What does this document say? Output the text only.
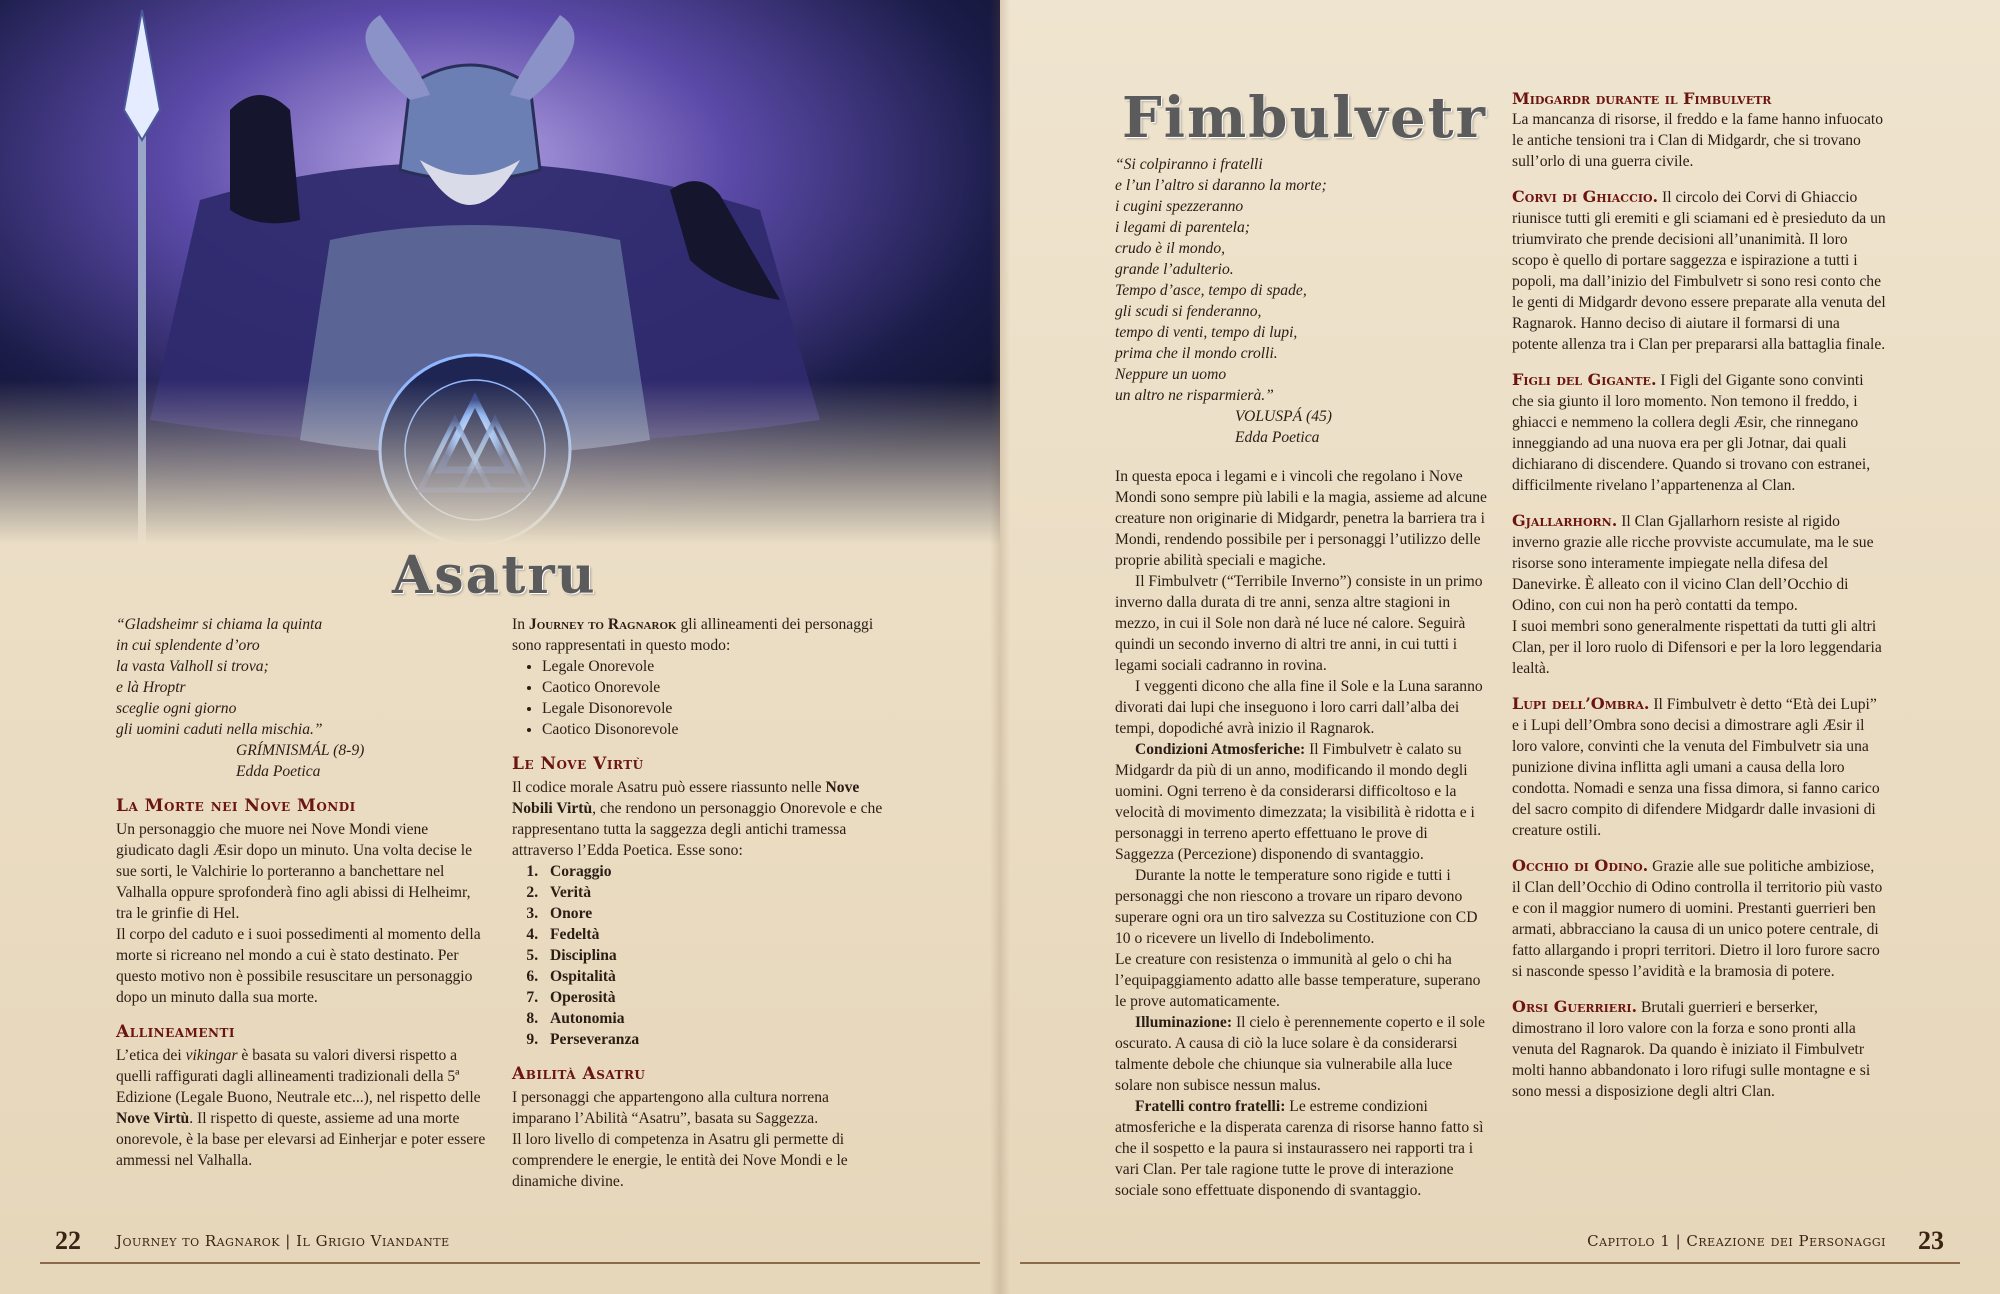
Asatru
“Gladsheimr si chiama la quinta
in cui splendente d’oro
la vasta Valholl si trova;
e là Hroptr
sceglie ogni giorno
gli uomini caduti nella mischia.”
GRÍMNISMÁL (8-9)
Edda Poetica
La Morte nei Nove Mondi

Un personaggio che muore nei Nove Mondi viene giudicato dagli Æsir dopo un minuto. Una volta decise le sue sorti, le Valchirie lo porteranno a banchettare nel Valhalla oppure sprofonderà fino agli abissi di Helheimr, tra le grinfie di Hel.

Il corpo del caduto e i suoi possedimenti al momento della morte si ricreano nel mondo a cui è stato destinato. Per questo motivo non è possibile resuscitare un personaggio dopo un minuto dalla sua morte.

Allineamenti

L’etica dei vikingar è basata su valori diversi rispetto a quelli raffigurati dagli allineamenti tradizionali della 5ª Edizione (Legale Buono, Neutrale etc...), nel rispetto delle Nove Virtù. Il rispetto di queste, assieme ad una morte onorevole, è la base per elevarsi ad Einherjar e poter essere ammessi nel Valhalla.

In Journey to Ragnarok gli allineamenti dei personaggi sono rappresentati in questo modo:

• Legale Onorevole
• Caotico Onorevole
• Legale Disonorevole
• Caotico Disonorevole
Le Nove Virtù

Il codice morale Asatru può essere riassunto nelle Nove Nobili Virtù, che rendono un personaggio Onorevole e che rappresentano tutta la saggezza degli antichi tramessa attraverso l’Edda Poetica. Esse sono:

1. Coraggio
2. Verità
3. Onore
4. Fedeltà
5. Disciplina
6. Ospitalità
7. Operosità
8. Autonomia
9. Perseveranza
Abilità Asatru

I personaggi che appartengono alla cultura norrena imparano l’Abilità “Asatru”, basata su Saggezza.

Il loro livello di competenza in Asatru gli permette di comprendere le energie, le entità dei Nove Mondi e le dinamiche divine.

22 Journey to Ragnarok | Il Grigio Viandante
Fimbulvetr
“Si colpiranno i fratelli
e l’un l’altro si daranno la morte;
i cugini spezzeranno
i legami di parentela;
crudo è il mondo,
grande l’adulterio.
Tempo d’asce, tempo di spade,
gli scudi si fenderanno,
tempo di venti, tempo di lupi,
prima che il mondo crolli.
Neppure un uomo
un altro ne risparmierà.”
VOLUSPÁ (45)
Edda Poetica

In questa epoca i legami e i vincoli che regolano i Nove Mondi sono sempre più labili e la magia, assieme ad alcune creature non originarie di Midgardr, penetra la barriera tra i Mondi, rendendo possibile per i personaggi l’utilizzo delle proprie abilità speciali e magiche.

Il Fimbulvetr (“Terribile Inverno”) consiste in un primo inverno dalla durata di tre anni, senza altre stagioni in mezzo, in cui il Sole non darà né luce né calore. Seguirà quindi un secondo inverno di altri tre anni, in cui tutti i legami sociali cadranno in rovina.

I veggenti dicono che alla fine il Sole e la Luna saranno divorati dai lupi che inseguono i loro carri dall’alba dei tempi, dopodiché avrà inizio il Ragnarok.

Condizioni Atmosferiche: Il Fimbulvetr è calato su Midgardr da più di un anno, modificando il mondo degli uomini. Ogni terreno è da considerarsi difficoltoso e la velocità di movimento dimezzata; la visibilità è ridotta e i personaggi in terreno aperto effettuano le prove di Saggezza (Percezione) disponendo di svantaggio.

Durante la notte le temperature sono rigide e tutti i personaggi che non riescono a trovare un riparo devono superare ogni ora un tiro salvezza su Costituzione con CD 10 o ricevere un livello di Indebolimento.

Le creature con resistenza o immunità al gelo o chi ha l’equipaggiamento adatto alle basse temperature, superano le prove automaticamente.

Illuminazione: Il cielo è perennemente coperto e il sole oscurato. A causa di ciò la luce solare è da considerarsi talmente debole che chiunque sia vulnerabile alla luce solare non subisce nessun malus.

Fratelli contro fratelli: Le estreme condizioni atmosferiche e la disperata carenza di risorse hanno fatto sì che il sospetto e la paura si instaurassero nei rapporti tra i vari Clan. Per tale ragione tutte le prove di interazione sociale sono effettuate disponendo di svantaggio.

Midgardr durante il Fimbulvetr

La mancanza di risorse, il freddo e la fame hanno infuocato le antiche tensioni tra i Clan di Midgardr, che si trovano sull’orlo di una guerra civile.

Corvi di Ghiaccio. Il circolo dei Corvi di Ghiaccio riunisce tutti gli eremiti e gli sciamani ed è presieduto da un triumvirato che prende decisioni all’unanimità. Il loro scopo è quello di portare saggezza e ispirazione a tutti i popoli, ma dall’inizio del Fimbulvetr si sono resi conto che le genti di Midgardr devono essere preparate alla venuta del Ragnarok. Hanno deciso di aiutare il formarsi di una potente allenza tra i Clan per prepararsi alla battaglia finale.

Figli del Gigante. I Figli del Gigante sono convinti che sia giunto il loro momento. Non temono il freddo, i ghiacci e nemmeno la collera degli Æsir, che rinnegano inneggiando ad una nuova era per gli Jotnar, dai quali dichiarano di discendere. Quando si trovano con estranei, difficilmente rivelano l’appartenenza al Clan.

Gjallarhorn. Il Clan Gjallarhorn resiste al rigido inverno grazie alle ricche provviste accumulate, ma le sue risorse sono interamente impiegate nella difesa del Danevirke. È alleato con il vicino Clan dell’Occhio di Odino, con cui non ha però contatti da tempo.

I suoi membri sono generalmente rispettati da tutti gli altri Clan, per il loro ruolo di Difensori e per la loro leggendaria lealtà.

Lupi dell’Ombra. Il Fimbulvetr è detto “Età dei Lupi” e i Lupi dell’Ombra sono decisi a dimostrare agli Æsir il loro valore, convinti che la venuta del Fimbulvetr sia una punizione divina inflitta agli umani a causa della loro condotta. Nomadi e senza una fissa dimora, si fanno carico del sacro compito di difendere Midgardr dalle invasioni di creature ostili.

Occhio di Odino. Grazie alle sue politiche ambiziose, il Clan dell’Occhio di Odino controlla il territorio più vasto e con il maggior numero di uomini. Prestanti guerrieri ben armati, abbracciano la causa di un unico potere centrale, di fatto allargando i propri territori. Dietro il loro furore sacro si nasconde spesso l’avidità e la bramosia di potere.

Orsi Guerrieri. Brutali guerrieri e berserker, dimostrano il loro valore con la forza e sono pronti alla venuta del Ragnarok. Da quando è iniziato il Fimbulvetr molti hanno abbandonato i loro rifugi sulle montagne e si sono messi a disposizione degli altri Clan.

Capitolo 1 | Creazione dei Personaggi 23
